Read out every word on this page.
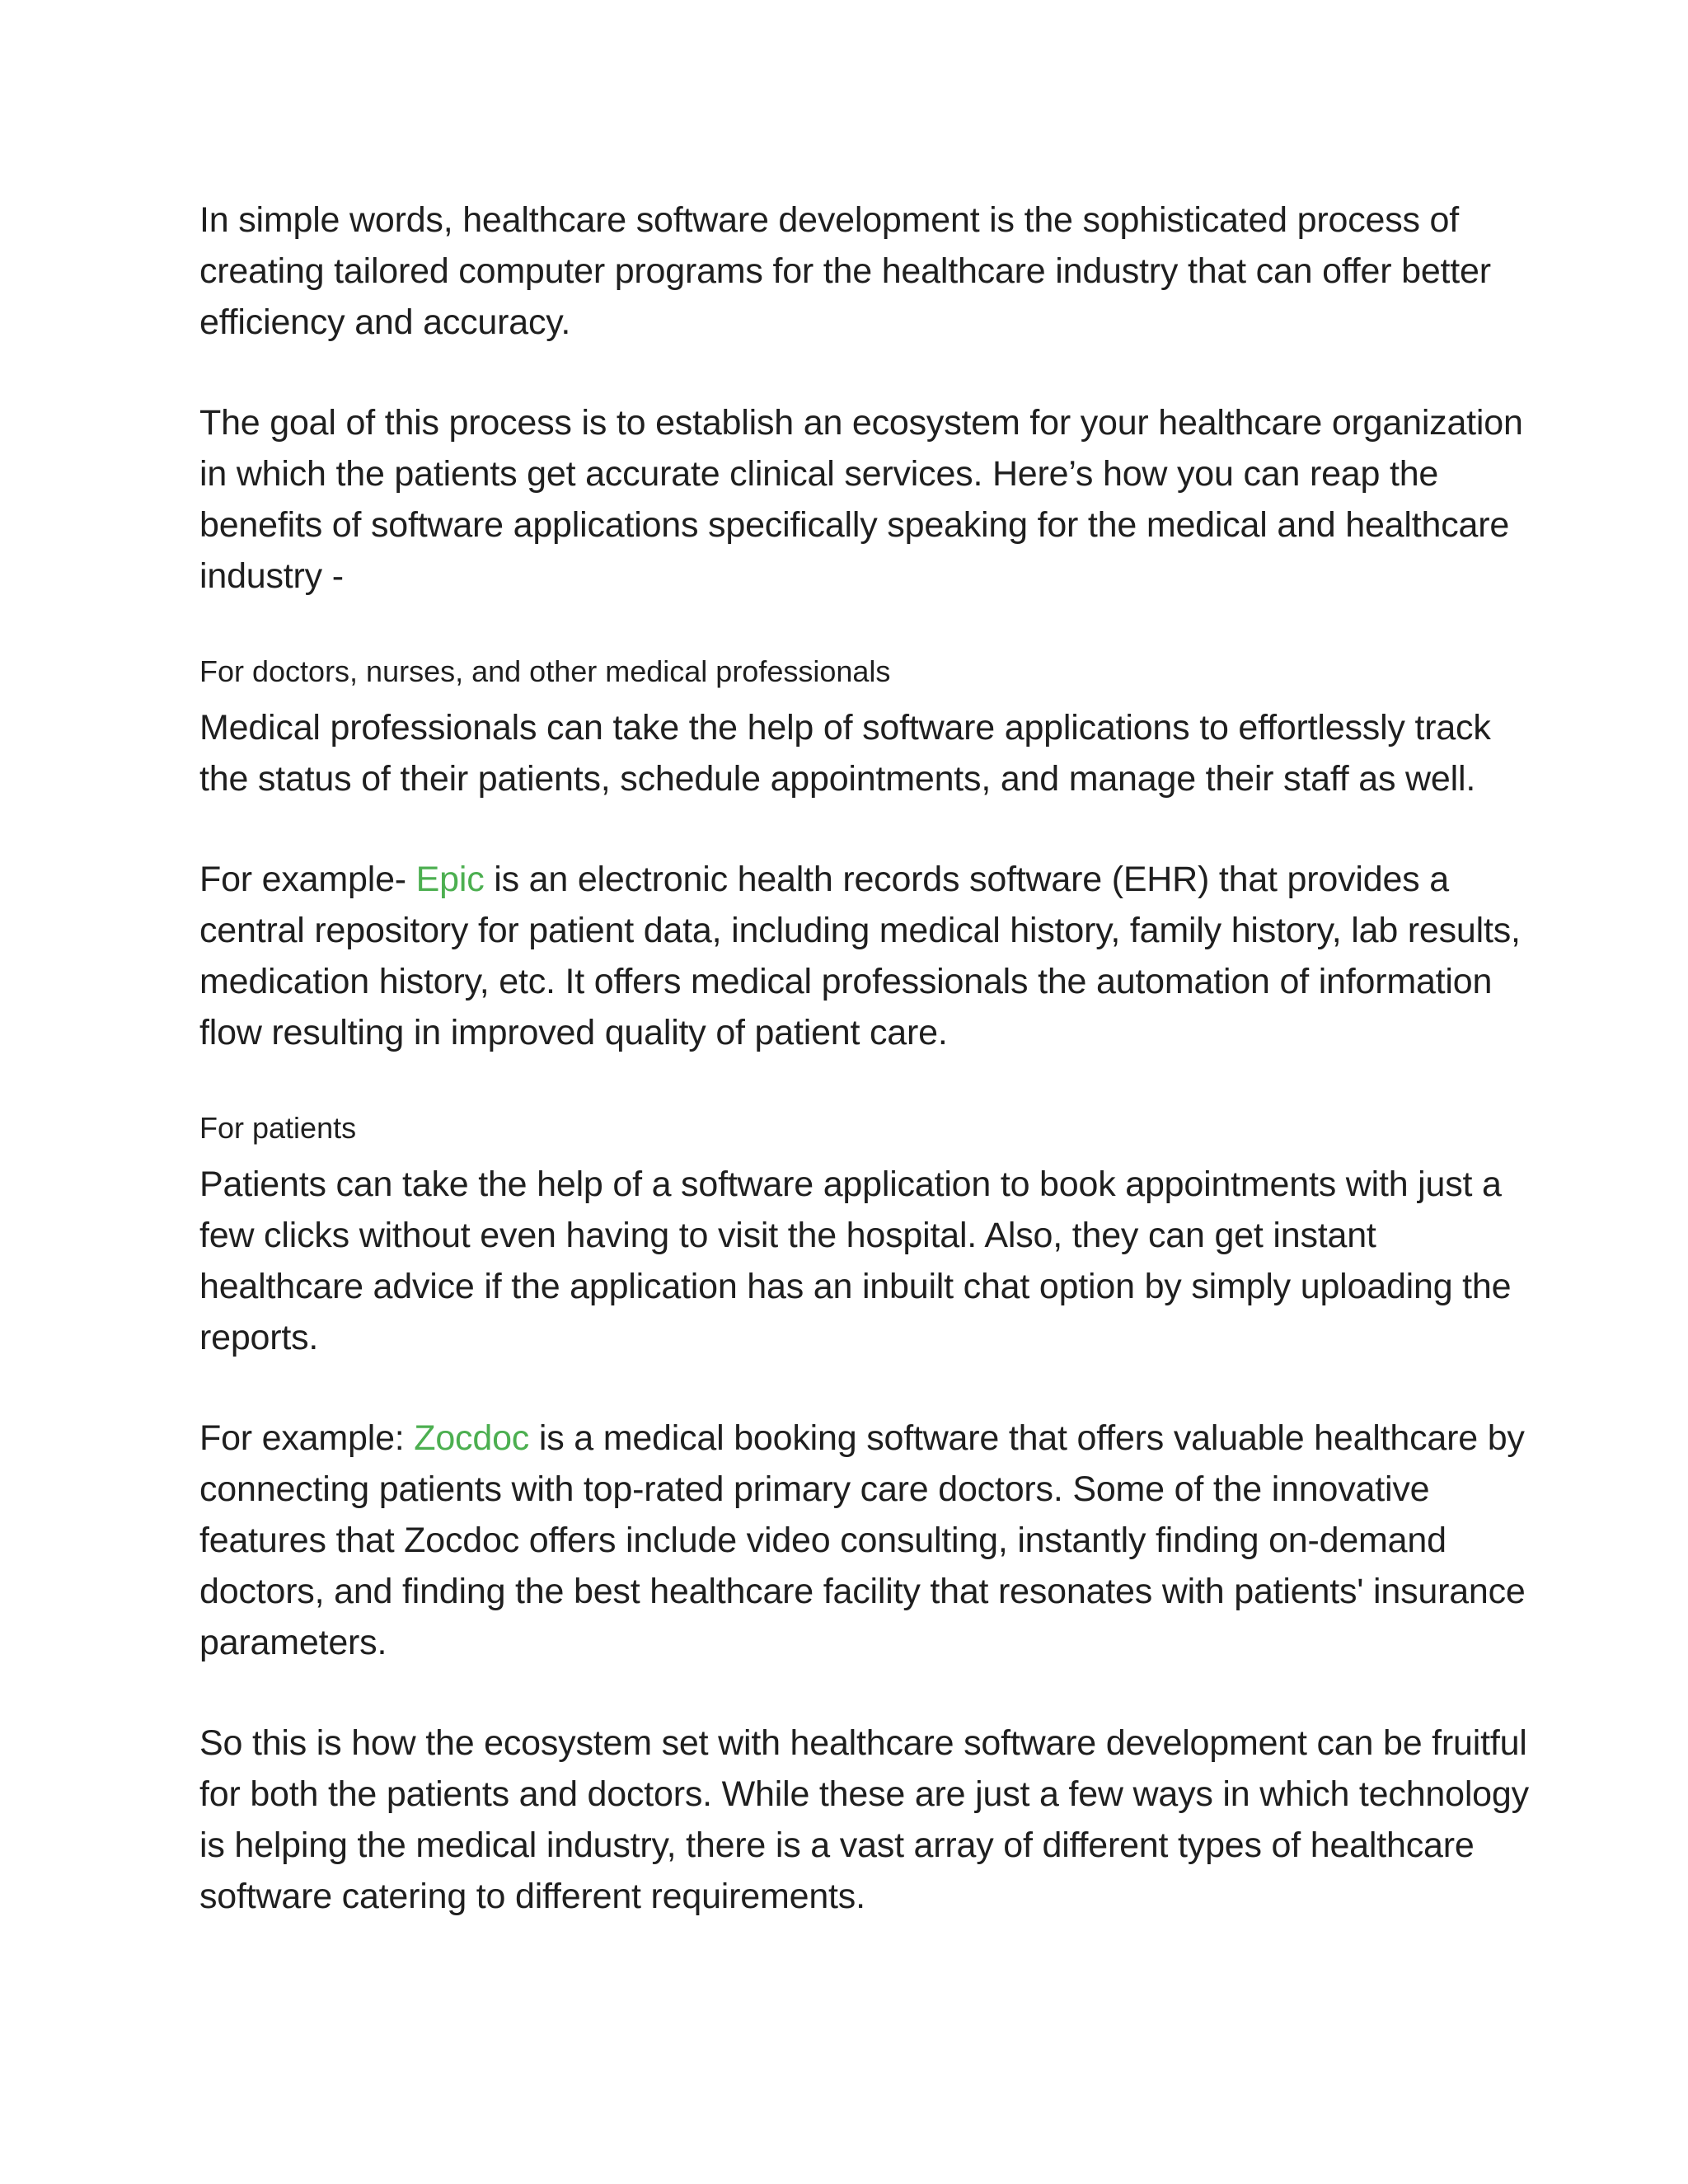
In simple words, healthcare software development is the sophisticated process of creating tailored computer programs for the healthcare industry that can offer better efficiency and accuracy.

The goal of this process is to establish an ecosystem for your healthcare organization in which the patients get accurate clinical services. Here’s how you can reap the benefits of software applications specifically speaking for the medical and healthcare industry -

For doctors, nurses, and other medical professionals

Medical professionals can take the help of software applications to effortlessly track the status of their patients, schedule appointments, and manage their staff as well.

For example- Epic is an electronic health records software (EHR) that provides a central repository for patient data, including medical history, family history, lab results, medication history, etc. It offers medical professionals the automation of information flow resulting in improved quality of patient care.

For patients

Patients can take the help of a software application to book appointments with just a few clicks without even having to visit the hospital. Also, they can get instant healthcare advice if the application has an inbuilt chat option by simply uploading the reports.

For example: Zocdoc is a medical booking software that offers valuable healthcare by connecting patients with top-rated primary care doctors. Some of the innovative features that Zocdoc offers include video consulting, instantly finding on-demand doctors, and finding the best healthcare facility that resonates with patients' insurance parameters.

So this is how the ecosystem set with healthcare software development can be fruitful for both the patients and doctors. While these are just a few ways in which technology is helping the medical industry, there is a vast array of different types of healthcare software catering to different requirements.
